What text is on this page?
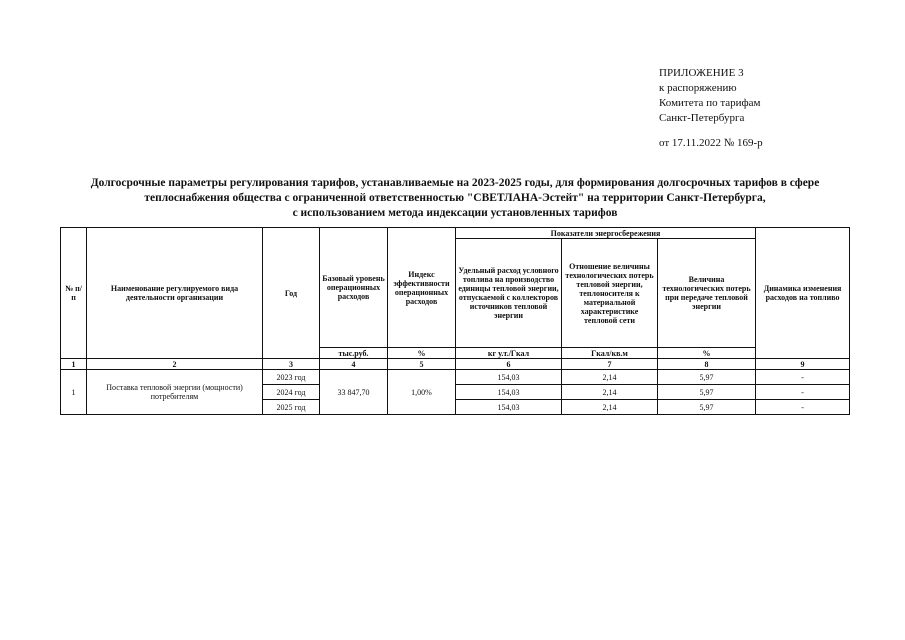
ПРИЛОЖЕНИЕ 3
к распоряжению
Комитета по тарифам
Санкт-Петербурга
от 17.11.2022 № 169-р
Долгосрочные параметры регулирования тарифов, устанавливаемые на 2023-2025 годы, для формирования долгосрочных тарифов в сфере
теплоснабжения общества с ограниченной ответственностью "СВЕТЛАНА-Эстейт" на территории Санкт-Петербурга,
с использованием метода индексации установленных тарифов
№ п/п	Наименование регулируемого вида деятельности организации	Год	Базовый уровень операционных расходов	Индекс эффективности операционных расходов	Показатели энергосбережения			Динамика изменения расходов на топливо
					Удельный расход условного топлива на производство единицы тепловой энергии, отпускаемой с коллекторов источников тепловой энергии	Отношение величины технологических потерь тепловой энергии, теплоносителя к материальной характеристике тепловой сети	Величина технологических потерь при передаче тепловой энергии	
			тыс.руб.	%	кг у.т./Гкал	Гкал/кв.м	%	
1	2	3	4	5	6	7	8	9
1	Поставка тепловой энергии (мощности) потребителям	2023 год	33 847,70	1,00%	154,03	2,14	5,97	-
		2024 год			154,03	2,14	5,97	-
		2025 год			154,03	2,14	5,97	-
